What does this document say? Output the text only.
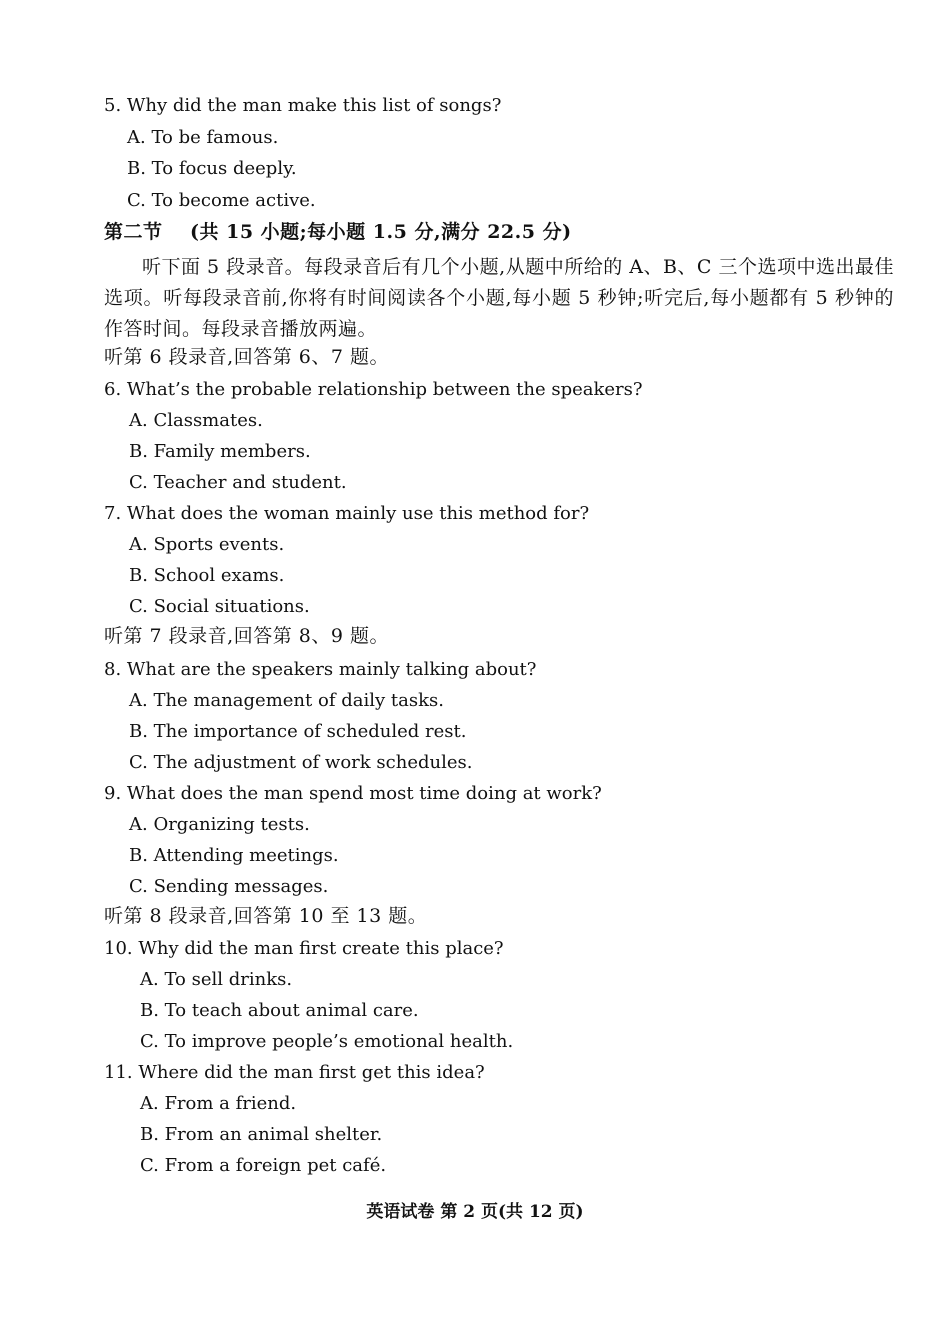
5. Why did the man make this list of songs?
A. To be famous.
B. To focus deeply.
C. To become active.
第二节 (共 15 小题;每小题 1.5 分,满分 22.5 分)
听下面 5 段录音。每段录音后有几个小题,从题中所给的 A、B、C 三个选项中选出最佳选项。听每段录音前,你将有时间阅读各个小题,每小题 5 秒钟;听完后,每小题都有 5 秒钟的作答时间。每段录音播放两遍。
听第 6 段录音,回答第 6、7 题。
6. What’s the probable relationship between the speakers?
A. Classmates.
B. Family members.
C. Teacher and student.
7. What does the woman mainly use this method for?
A. Sports events.
B. School exams.
C. Social situations.
听第 7 段录音,回答第 8、9 题。
8. What are the speakers mainly talking about?
A. The management of daily tasks.
B. The importance of scheduled rest.
C. The adjustment of work schedules.
9. What does the man spend most time doing at work?
A. Organizing tests.
B. Attending meetings.
C. Sending messages.
听第 8 段录音,回答第 10 至 13 题。
10. Why did the man first create this place?
A. To sell drinks.
B. To teach about animal care.
C. To improve people’s emotional health.
11. Where did the man first get this idea?
A. From a friend.
B. From an animal shelter.
C. From a foreign pet café.
英语试卷 第 2 页(共 12 页)
